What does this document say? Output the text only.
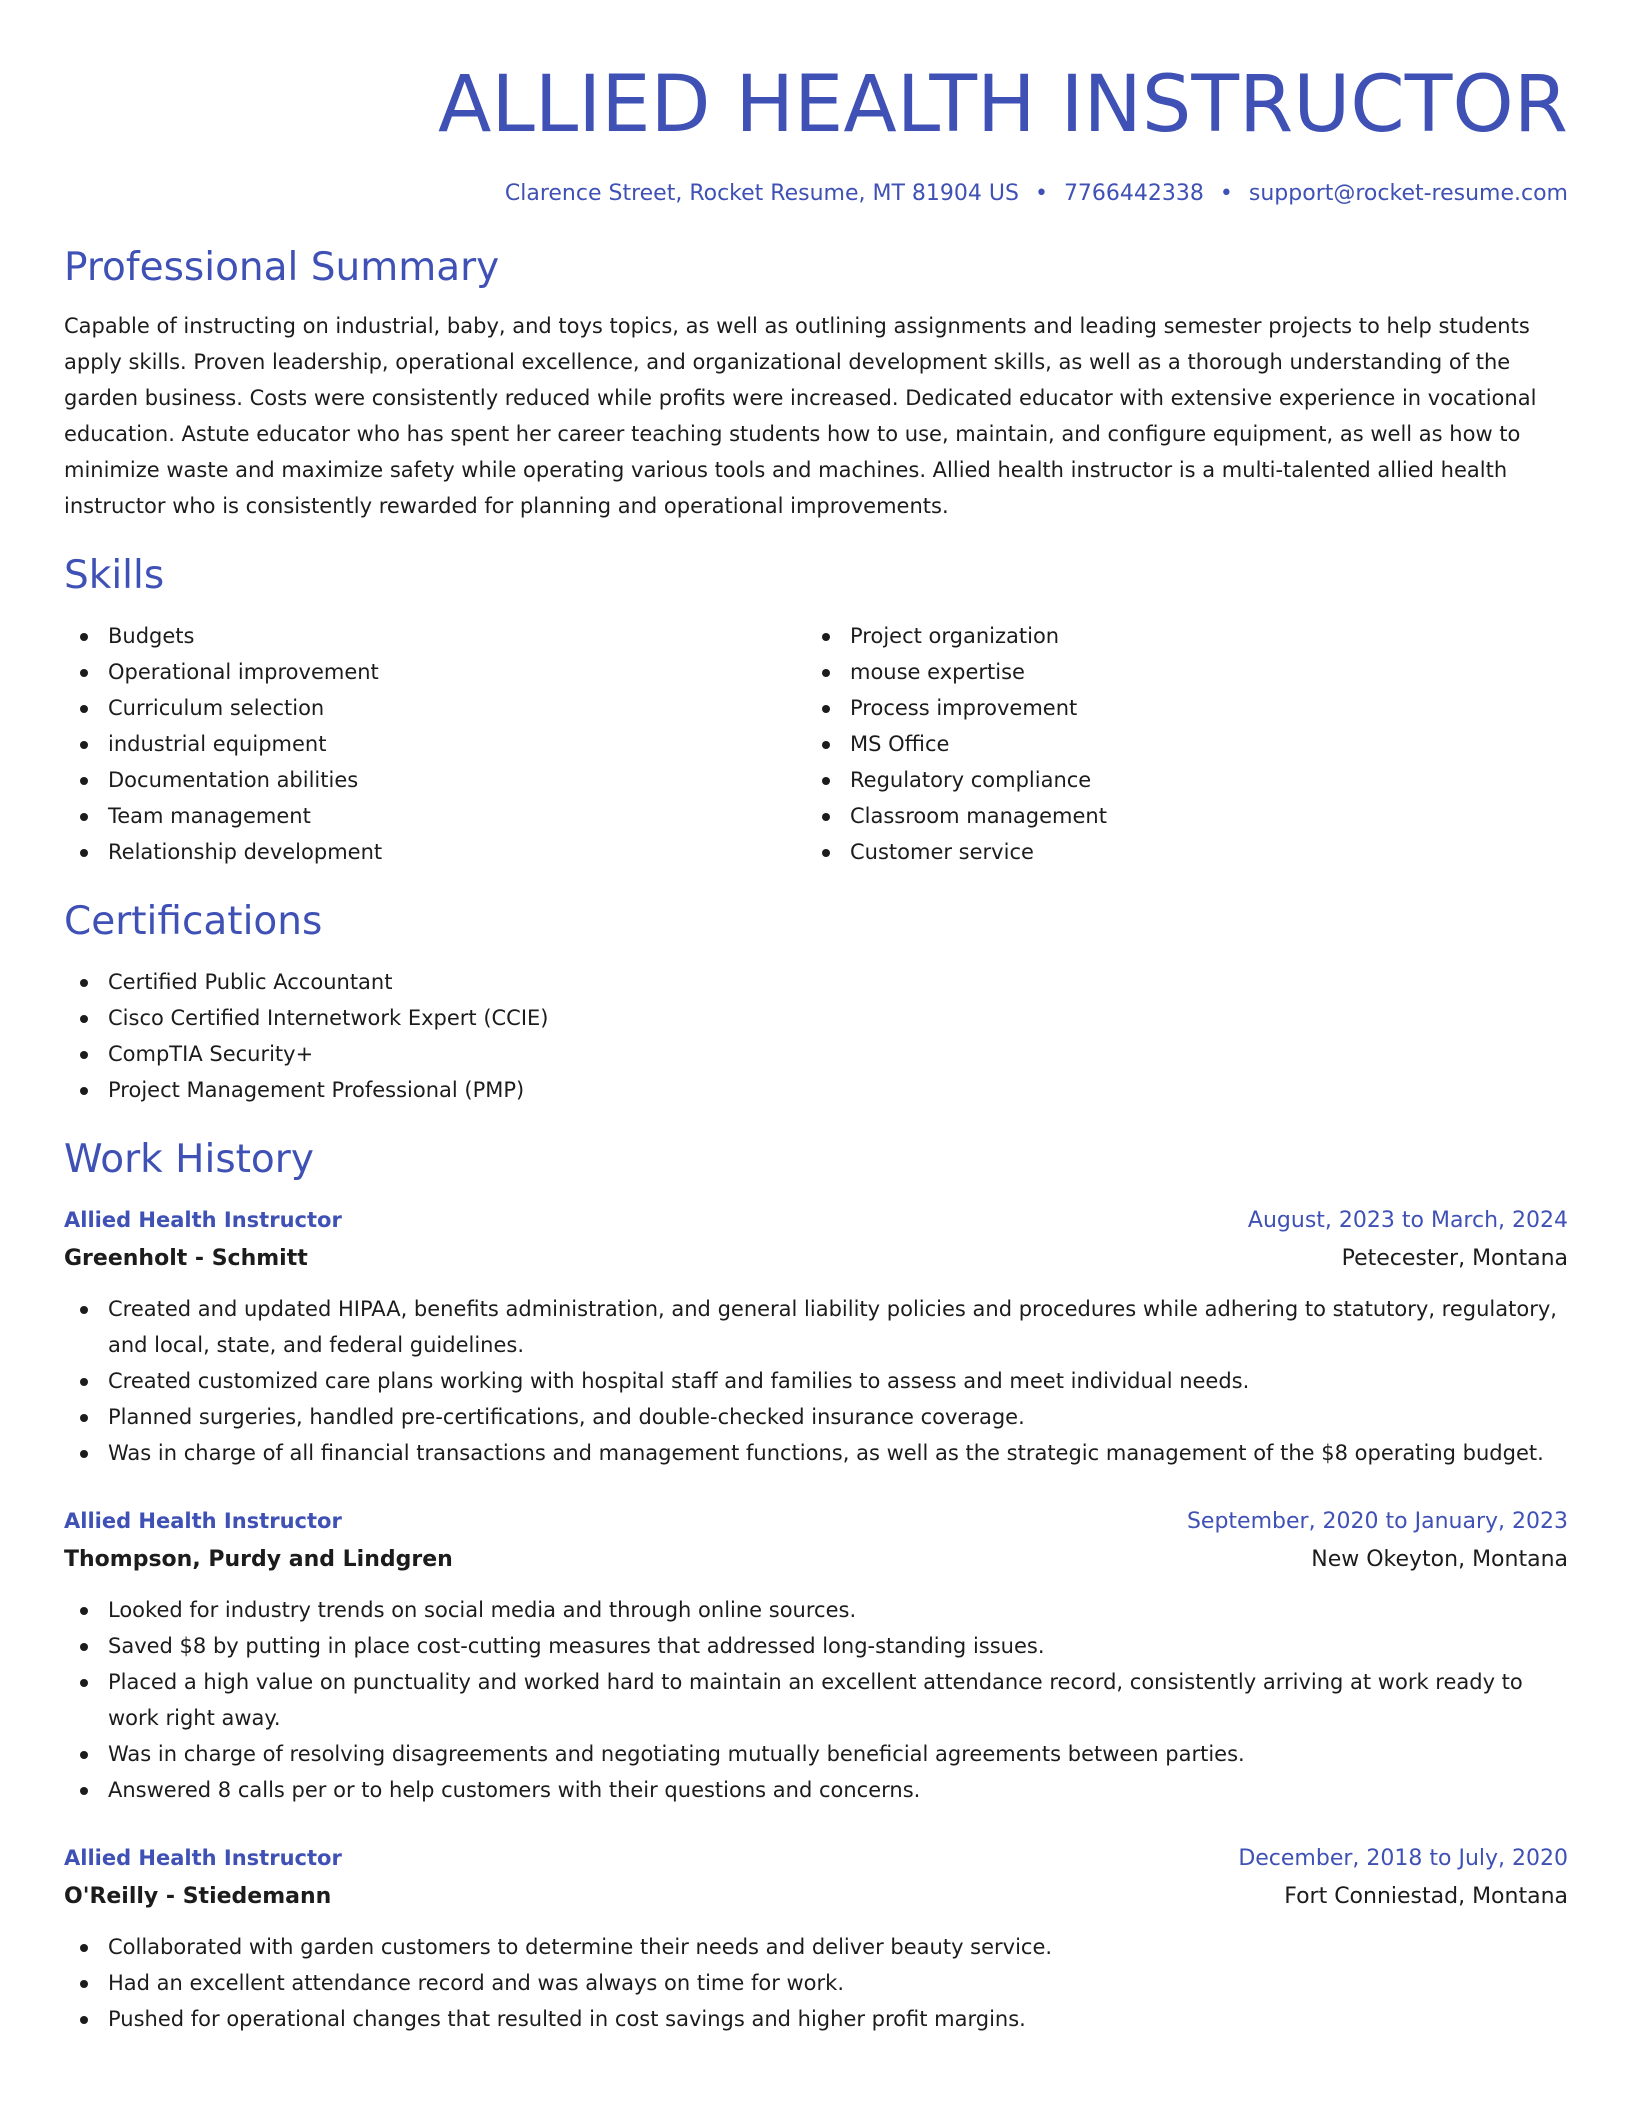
ALLIED HEALTH INSTRUCTOR
Clarence Street, Rocket Resume, MT 81904 US • 7766442338 • support@rocket-resume.com
Professional Summary

Capable of instructing on industrial, baby, and toys topics, as well as outlining assignments and leading semester projects to help students apply skills. Proven leadership, operational excellence, and organizational development skills, as well as a thorough understanding of the garden business. Costs were consistently reduced while profits were increased. Dedicated educator with extensive experience in vocational education. Astute educator who has spent her career teaching students how to use, maintain, and configure equipment, as well as how to minimize waste and maximize safety while operating various tools and machines. Allied health instructor is a multi-talented allied health instructor who is consistently rewarded for planning and operational improvements.

Skills
Budgets
Operational improvement
Curriculum selection
industrial equipment
Documentation abilities
Team management
Relationship development
Project organization
mouse expertise
Process improvement
MS Office
Regulatory compliance
Classroom management
Customer service
Certifications
Certified Public Accountant
Cisco Certified Internetwork Expert (CCIE)
CompTIA Security+
Project Management Professional (PMP)
Work History
Allied Health Instructor	August, 2023 to March, 2024
Greenholt - Schmitt	Petecester, Montana
Created and updated HIPAA, benefits administration, and general liability policies and procedures while adhering to statutory, regulatory, and local, state, and federal guidelines.
Created customized care plans working with hospital staff and families to assess and meet individual needs.
Planned surgeries, handled pre-certifications, and double-checked insurance coverage.
Was in charge of all financial transactions and management functions, as well as the strategic management of the $8 operating budget.
Allied Health Instructor	September, 2020 to January, 2023
Thompson, Purdy and Lindgren	New Okeyton, Montana
Looked for industry trends on social media and through online sources.
Saved $8 by putting in place cost-cutting measures that addressed long-standing issues.
Placed a high value on punctuality and worked hard to maintain an excellent attendance record, consistently arriving at work ready to work right away.
Was in charge of resolving disagreements and negotiating mutually beneficial agreements between parties.
Answered 8 calls per or to help customers with their questions and concerns.
Allied Health Instructor	December, 2018 to July, 2020
O'Reilly - Stiedemann	Fort Conniestad, Montana
Collaborated with garden customers to determine their needs and deliver beauty service.
Had an excellent attendance record and was always on time for work.
Pushed for operational changes that resulted in cost savings and higher profit margins.
